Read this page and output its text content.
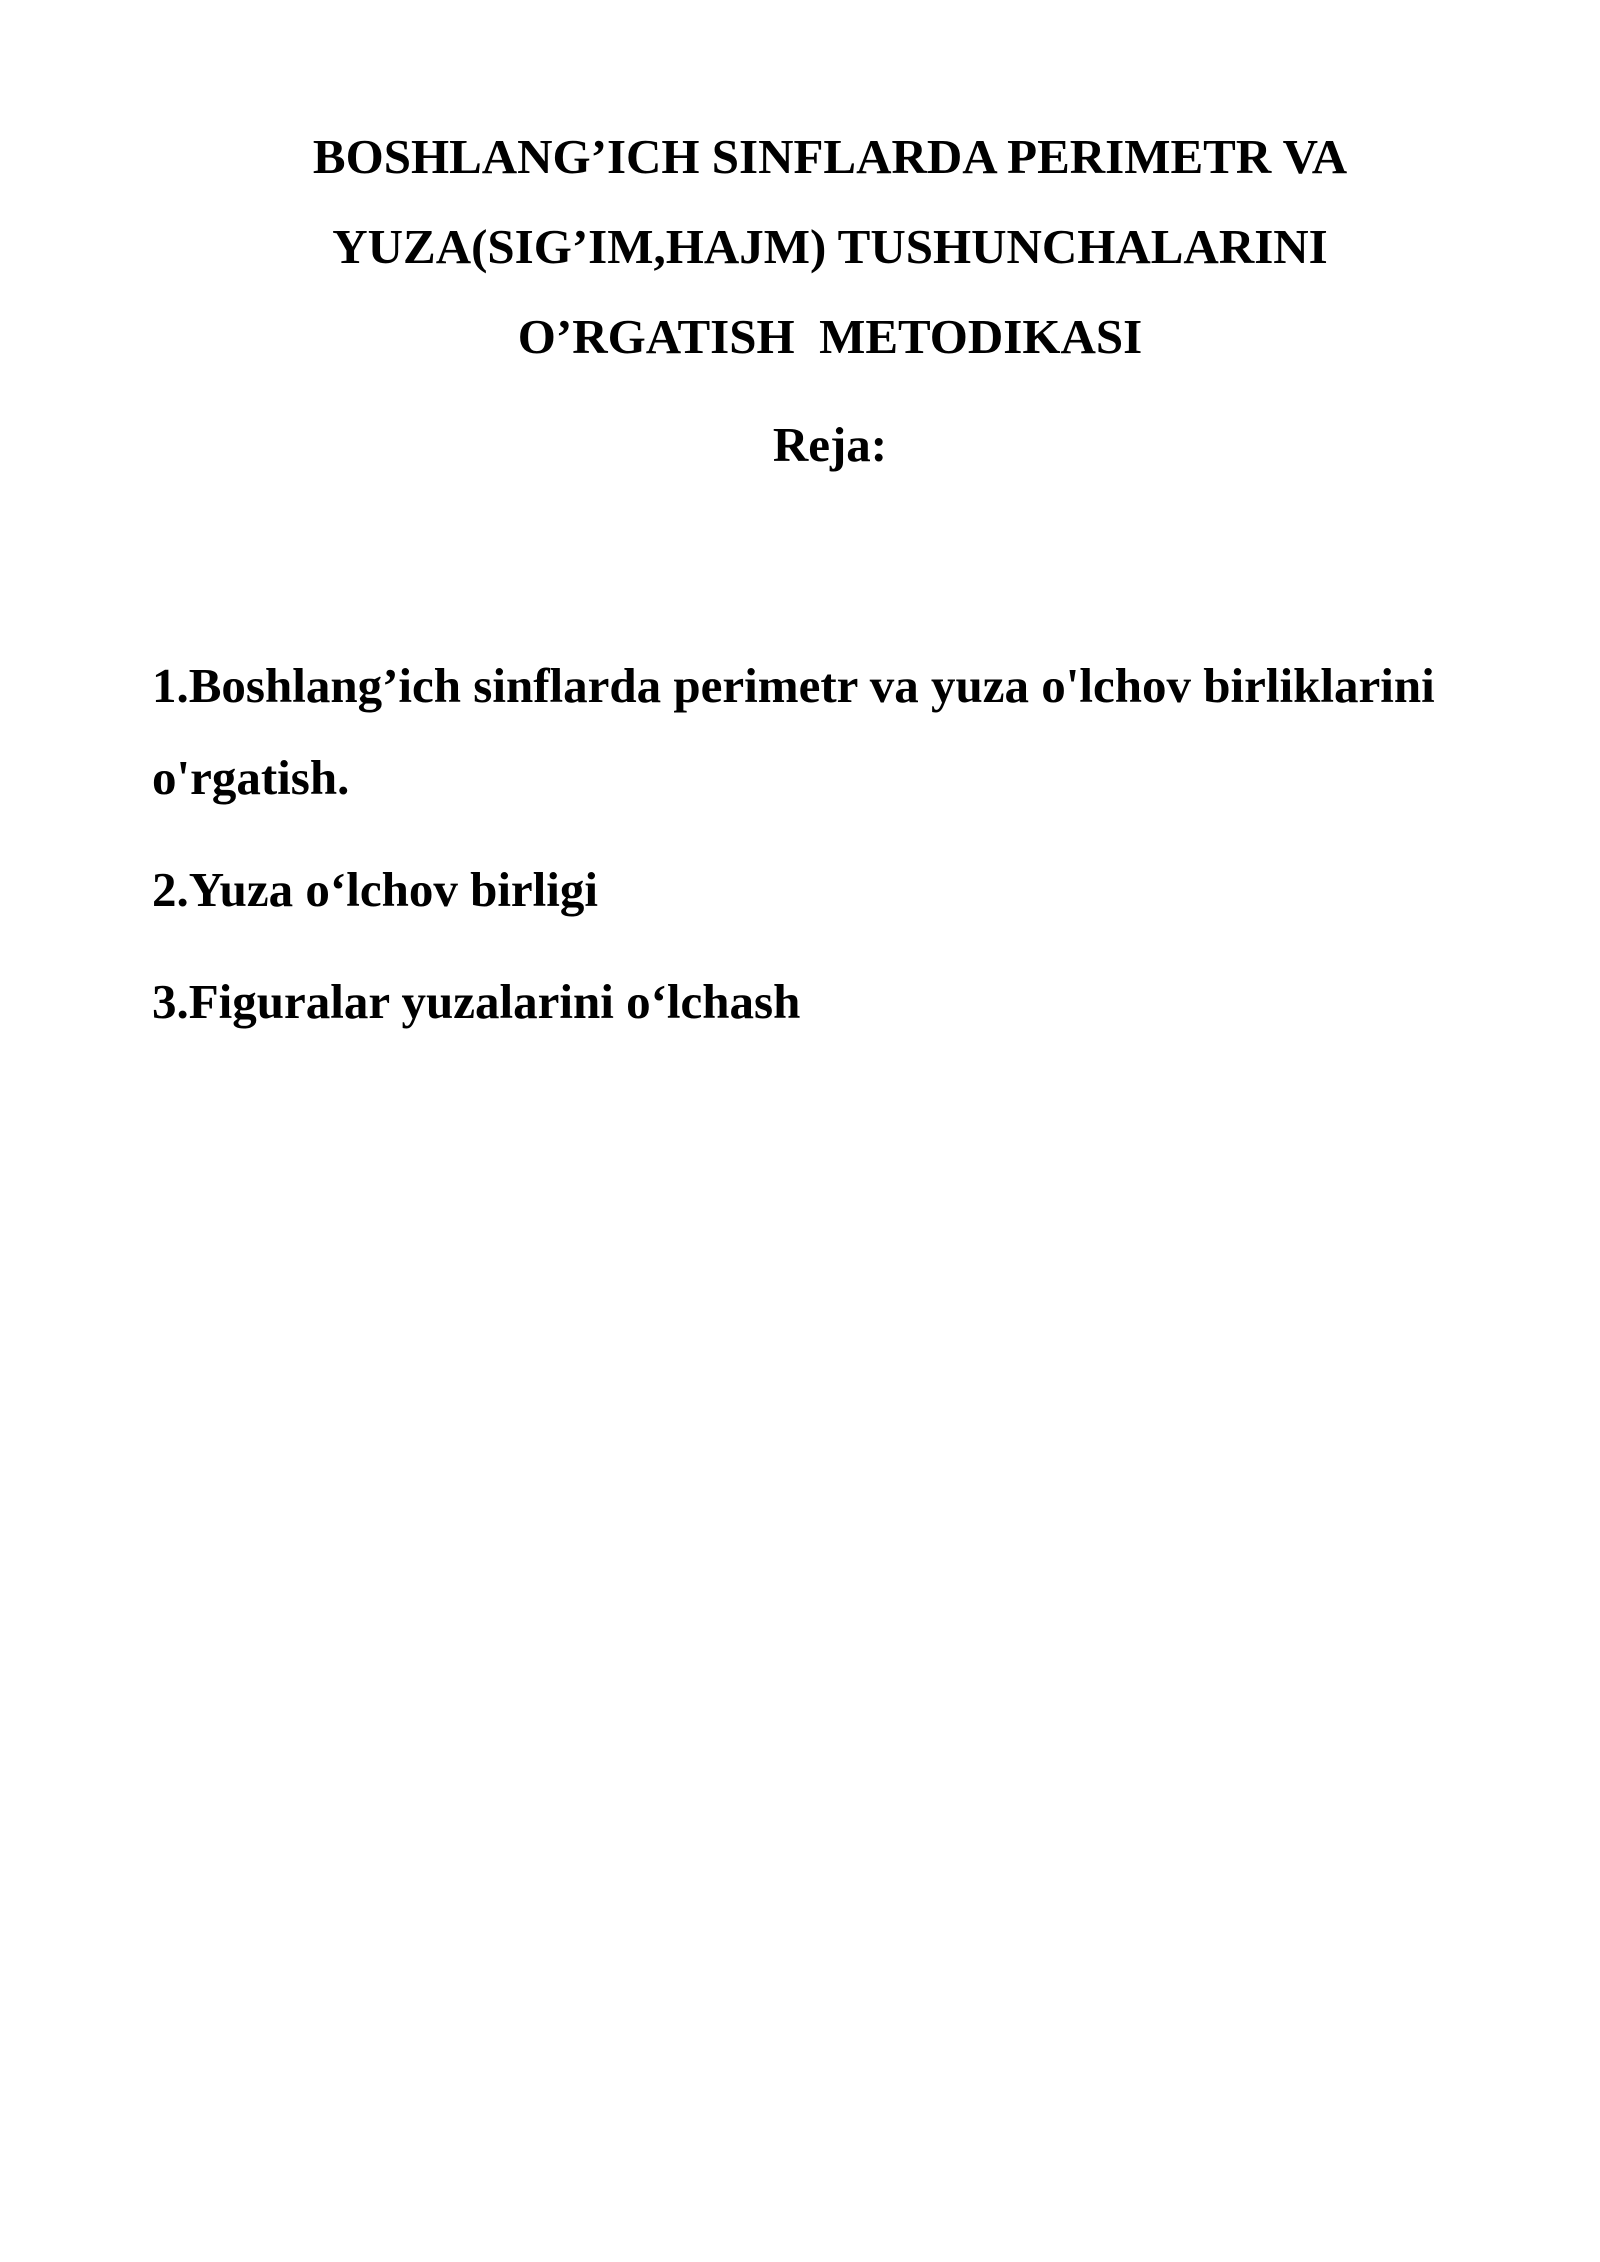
BOSHLANG’ICH SINFLARDA PERIMETR VA
YUZA(SIG’IM,HAJM) TUSHUNCHALARINI
O’RGATISH  METODIKASI
Reja:
1.Boshlang’ich sinflarda perimetr va yuza o'lchov birliklarini o'rgatish.
2.Yuza o‘lchov birligi
3.Figuralar yuzalarini o‘lchash
